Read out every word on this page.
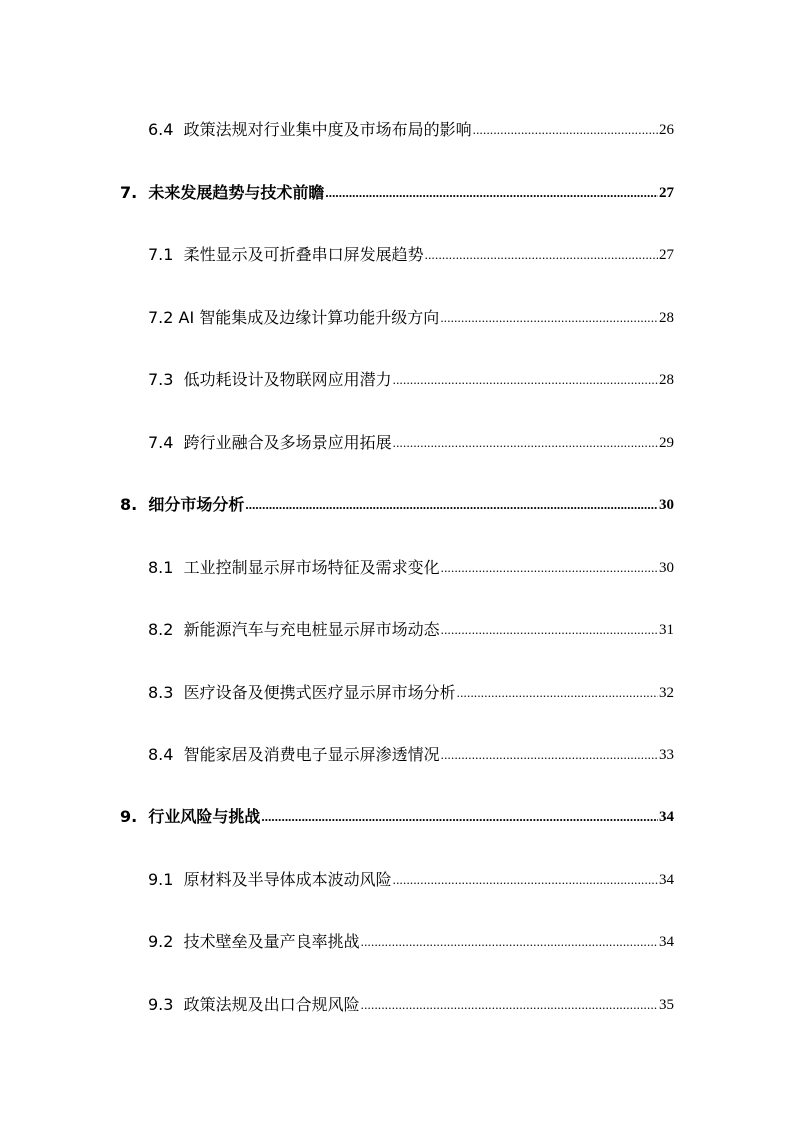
6.4 政策法规对行业集中度及市场布局的影响 .....	26
7. 未来发展趋势与技术前瞻 .....	27
7.1 柔性显示及可折叠串口屏发展趋势 .....	27
7.2 AI 智能集成及边缘计算功能升级方向 .....	28
7.3 低功耗设计及物联网应用潜力 .....	28
7.4 跨行业融合及多场景应用拓展 .....	29
8. 细分市场分析 .....	30
8.1 工业控制显示屏市场特征及需求变化 .....	30
8.2 新能源汽车与充电桩显示屏市场动态 .....	31
8.3 医疗设备及便携式医疗显示屏市场分析 .....	32
8.4 智能家居及消费电子显示屏渗透情况 .....	33
9. 行业风险与挑战 .....	34
9.1 原材料及半导体成本波动风险 .....	34
9.2 技术壁垒及量产良率挑战 .....	34
9.3 政策法规及出口合规风险 .....	35
